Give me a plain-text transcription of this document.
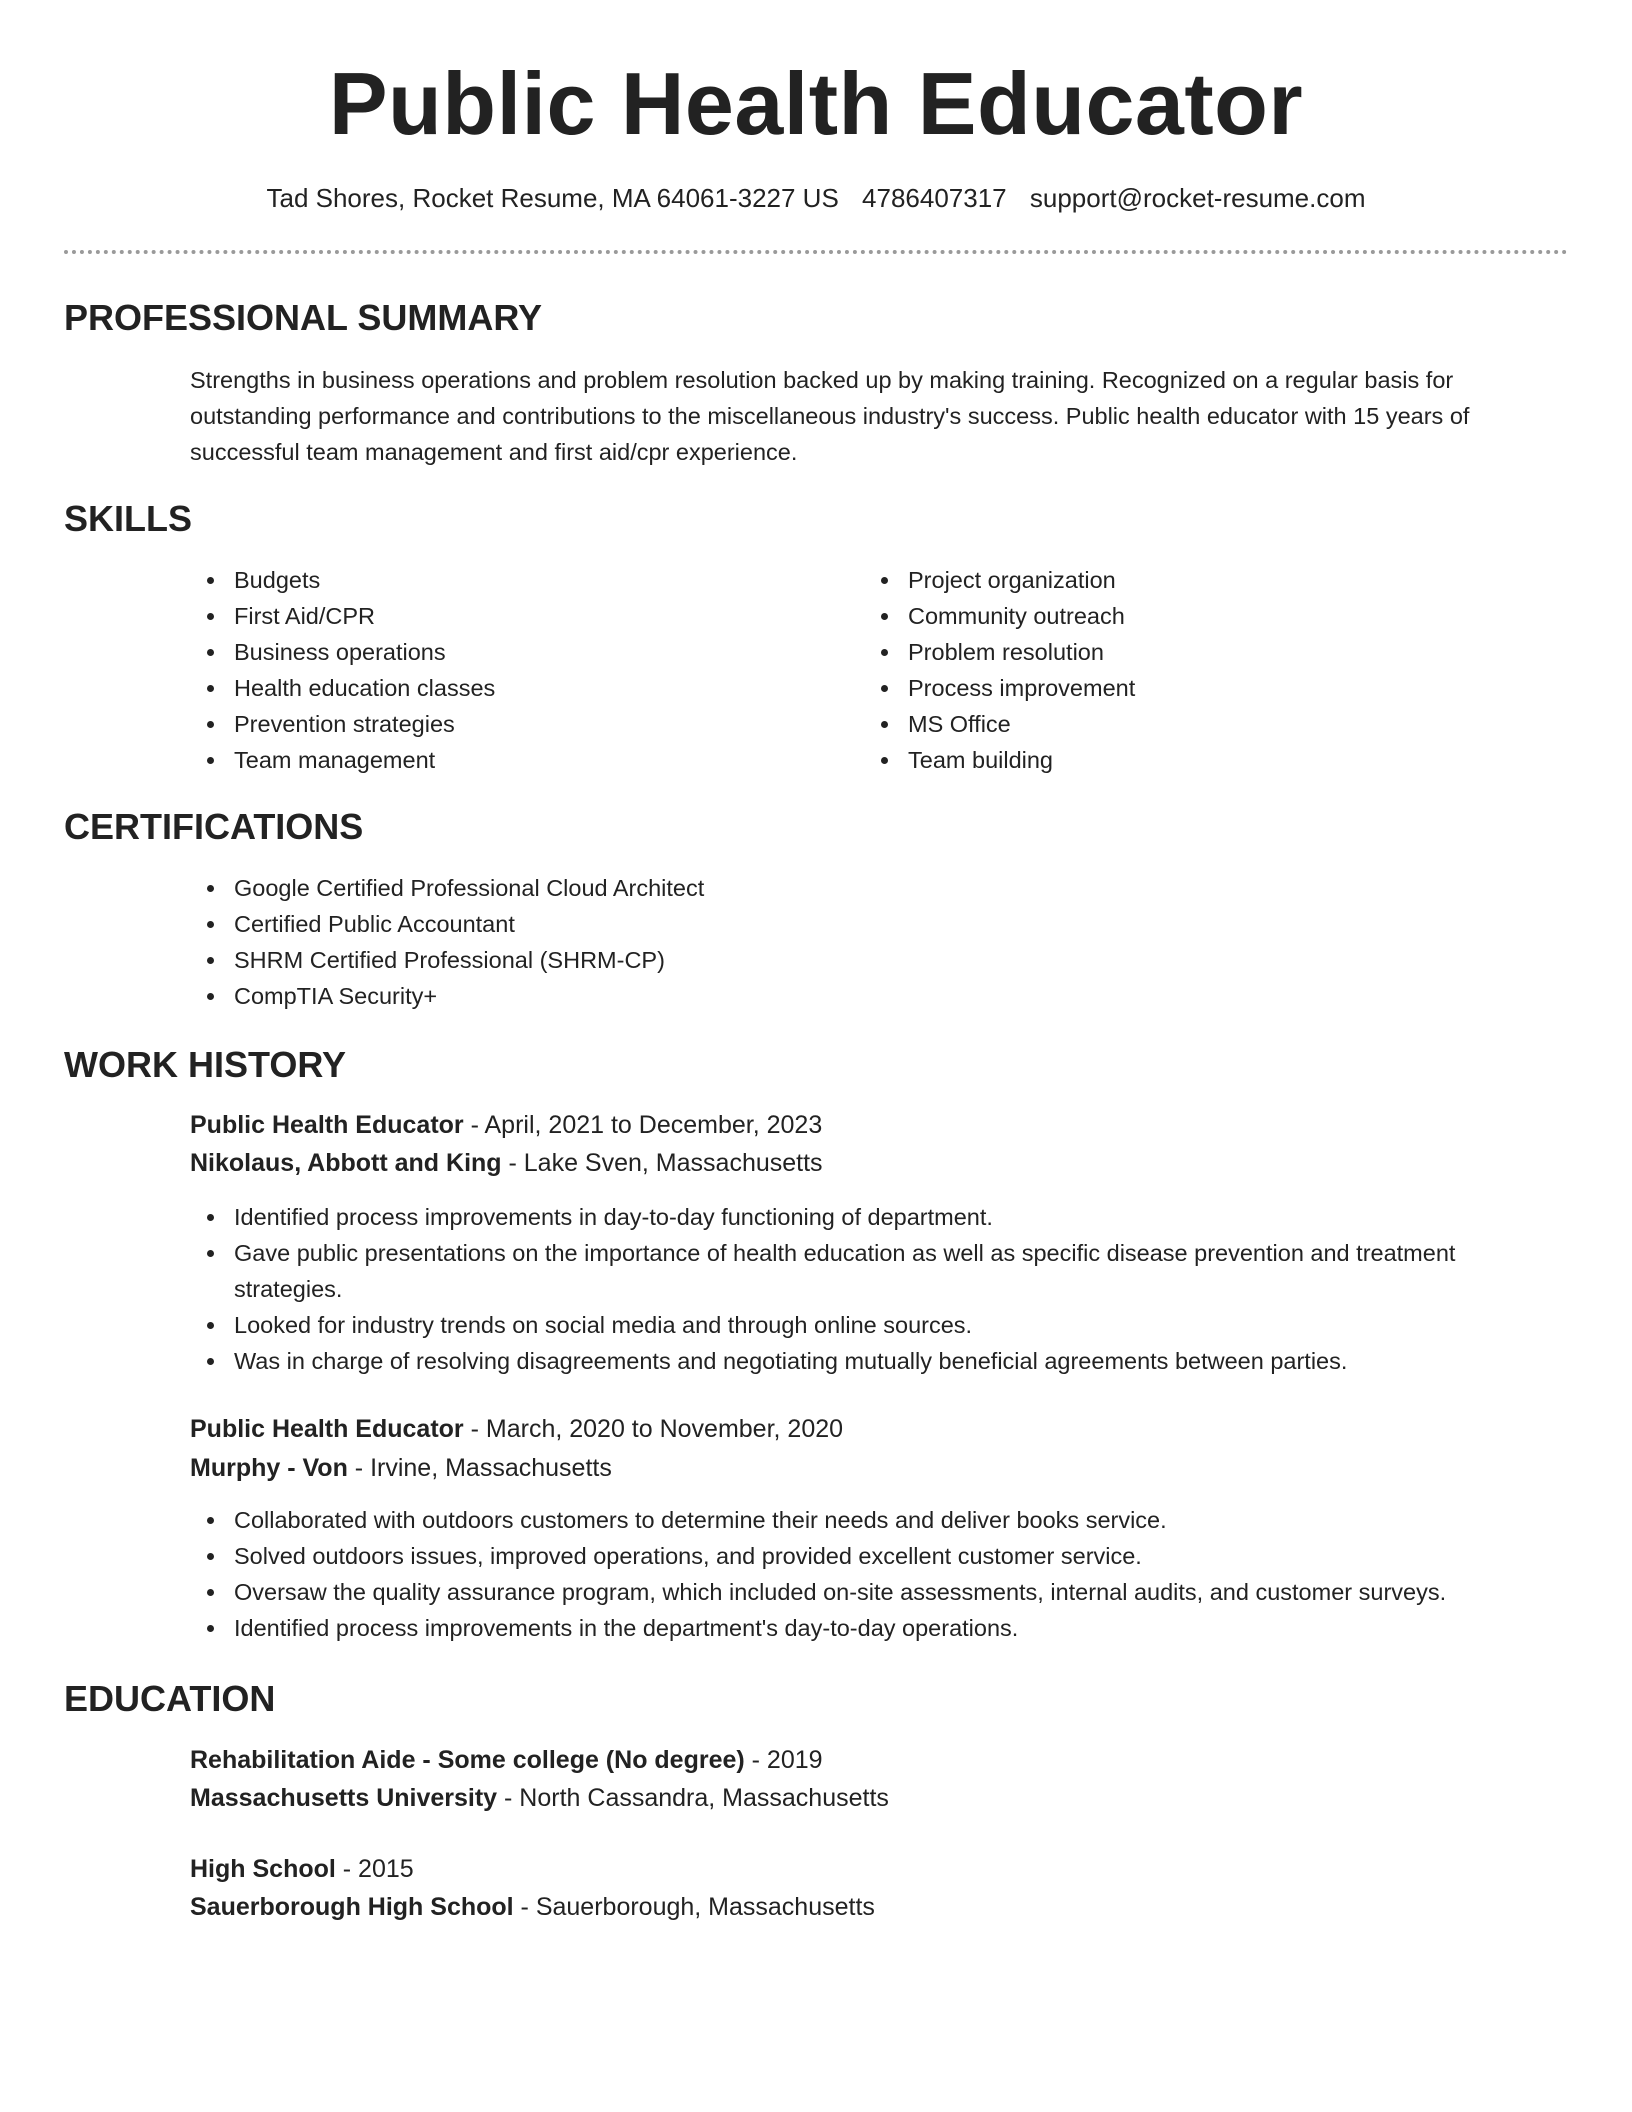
Public Health Educator
Tad Shores, Rocket Resume, MA 64061-3227 US 4786407317 support@rocket-resume.com
PROFESSIONAL SUMMARY
Strengths in business operations and problem resolution backed up by making training. Recognized on a regular basis for outstanding performance and contributions to the miscellaneous industry's success. Public health educator with 15 years of successful team management and first aid/cpr experience.
SKILLS
Budgets
First Aid/CPR
Business operations
Health education classes
Prevention strategies
Team management
Project organization
Community outreach
Problem resolution
Process improvement
MS Office
Team building
CERTIFICATIONS
Google Certified Professional Cloud Architect
Certified Public Accountant
SHRM Certified Professional (SHRM-CP)
CompTIA Security+
WORK HISTORY
Public Health Educator - April, 2021 to December, 2023
Nikolaus, Abbott and King - Lake Sven, Massachusetts
Identified process improvements in day-to-day functioning of department.
Gave public presentations on the importance of health education as well as specific disease prevention and treatment strategies.
Looked for industry trends on social media and through online sources.
Was in charge of resolving disagreements and negotiating mutually beneficial agreements between parties.
Public Health Educator - March, 2020 to November, 2020
Murphy - Von - Irvine, Massachusetts
Collaborated with outdoors customers to determine their needs and deliver books service.
Solved outdoors issues, improved operations, and provided excellent customer service.
Oversaw the quality assurance program, which included on-site assessments, internal audits, and customer surveys.
Identified process improvements in the department's day-to-day operations.
EDUCATION
Rehabilitation Aide - Some college (No degree) - 2019
Massachusetts University - North Cassandra, Massachusetts
High School - 2015
Sauerborough High School - Sauerborough, Massachusetts
